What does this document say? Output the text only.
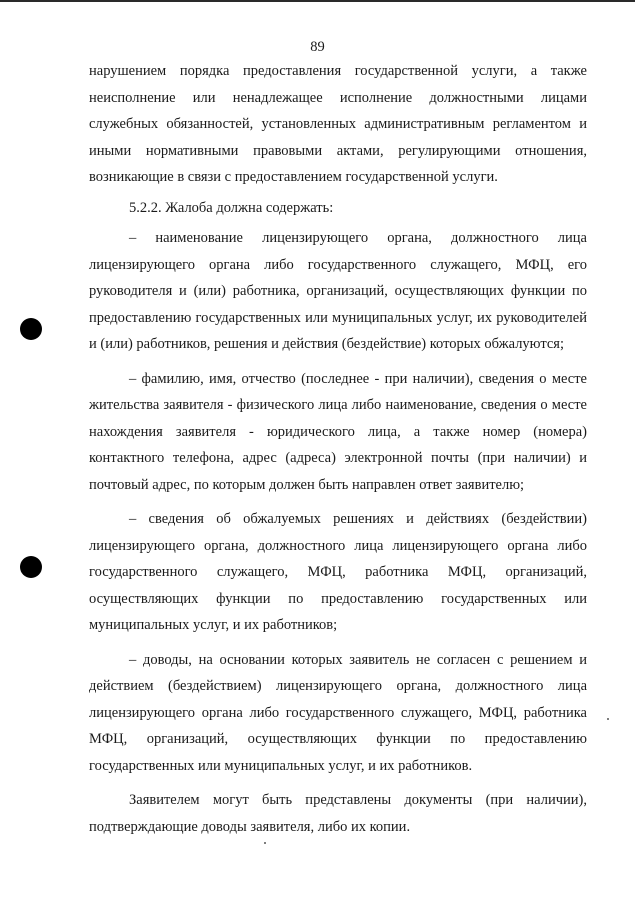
89

нарушением порядка предоставления государственной услуги, а также неисполнение или ненадлежащее исполнение должностными лицами служебных обязанностей, установленных административным регламентом и иными нормативными правовыми актами, регулирующими отношения, возникающие в связи с предоставлением государственной услуги.

5.2.2. Жалоба должна содержать:

– наименование лицензирующего органа, должностного лица лицензирующего органа либо государственного служащего, МФЦ, его руководителя и (или) работника, организаций, осуществляющих функции по предоставлению государственных или муниципальных услуг, их руководителей и (или) работников, решения и действия (бездействие) которых обжалуются;

– фамилию, имя, отчество (последнее - при наличии), сведения о месте жительства заявителя - физического лица либо наименование, сведения о месте нахождения заявителя - юридического лица, а также номер (номера) контактного телефона, адрес (адреса) электронной почты (при наличии) и почтовый адрес, по которым должен быть направлен ответ заявителю;

– сведения об обжалуемых решениях и действиях (бездействии) лицензирующего органа, должностного лица лицензирующего органа либо государственного служащего, МФЦ, работника МФЦ, организаций, осуществляющих функции по предоставлению государственных или муниципальных услуг, и их работников;

– доводы, на основании которых заявитель не согласен с решением и действием (бездействием) лицензирующего органа, должностного лица лицензирующего органа либо государственного служащего, МФЦ, работника МФЦ, организаций, осуществляющих функции по предоставлению государственных или муниципальных услуг, и их работников.

Заявителем могут быть представлены документы (при наличии), подтверждающие доводы заявителя, либо их копии.
